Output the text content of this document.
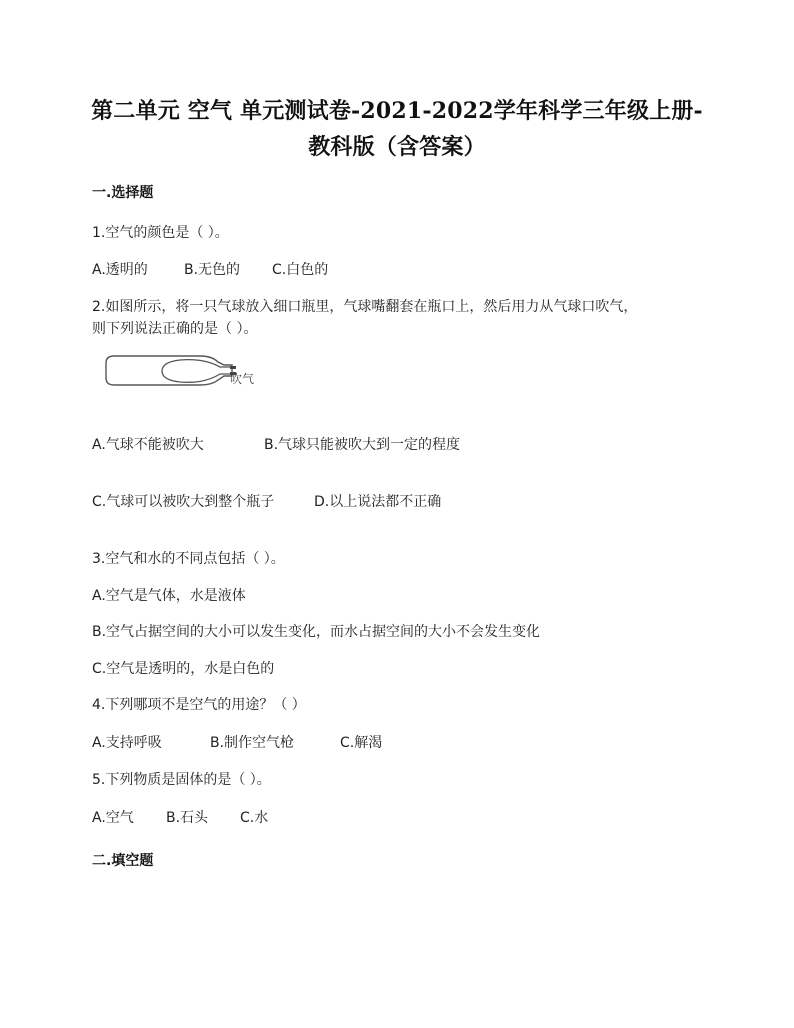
第二单元 空气 单元测试卷-2021-2022学年科学三年级上册-
教科版（含答案）
一.选择题
1.空气的颜色是（ ）。
A.透明的	B.无色的 C.白色的
2.如图所示，将一只气球放入细口瓶里，气球嘴翻套在瓶口上，然后用力从气球口吹气，
则下列说法正确的是（ ）。
吹气
A.气球不能被吹大	B.气球只能被吹大到一定的程度
C.气球可以被吹大到整个瓶子	D.以上说法都不正确
3.空气和水的不同点包括（ ）。
A.空气是气体，水是液体
B.空气占据空间的大小可以发生变化，而水占据空间的大小不会发生变化
C.空气是透明的，水是白色的
4.下列哪项不是空气的用途？（ ）
A.支持呼吸	B.制作空气枪	C.解渴
5.下列物质是固体的是（ ）。
A.空气 B.石头 C.水
二.填空题
